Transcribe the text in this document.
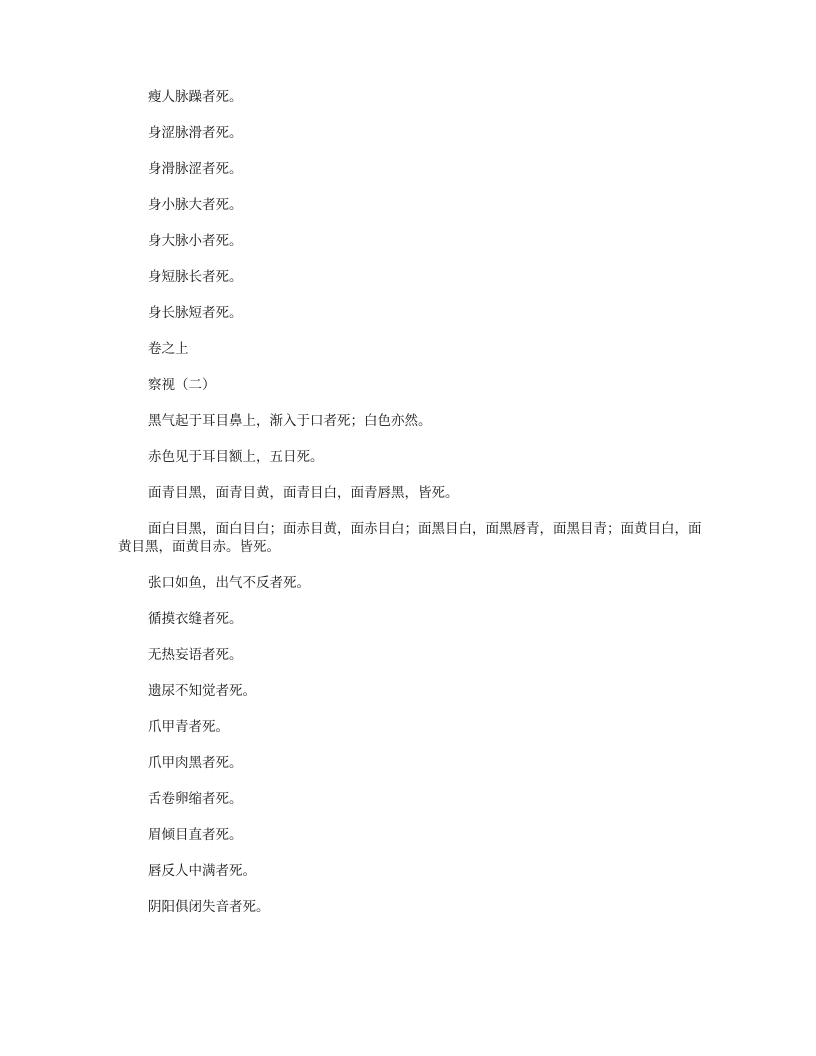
瘦人脉躁者死。

身涩脉滑者死。

身滑脉涩者死。

身小脉大者死。

身大脉小者死。

身短脉长者死。

身长脉短者死。

卷之上

察视（二）

黑气起于耳目鼻上，渐入于口者死；白色亦然。

赤色见于耳目额上，五日死。

面青目黑，面青目黄，面青目白，面青唇黑，皆死。

面白目黑，面白目白；面赤目黄，面赤目白；面黑目白，面黑唇青，面黑目青；面黄目白，面黄目黑，面黄目赤。皆死。

张口如鱼，出气不反者死。

循摸衣缝者死。

无热妄语者死。

遗尿不知觉者死。

爪甲青者死。

爪甲肉黑者死。

舌卷卵缩者死。

眉倾目直者死。

唇反人中满者死。

阴阳俱闭失音者死。
